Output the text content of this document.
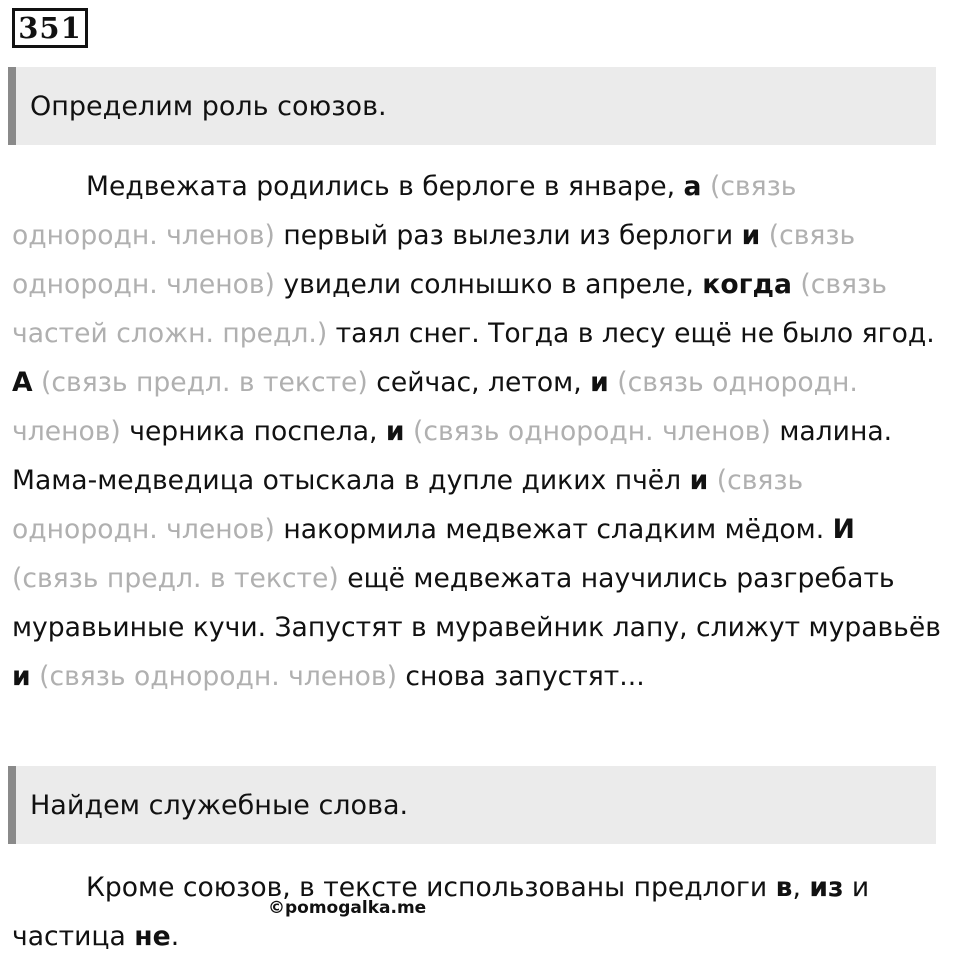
351
Определим роль союзов.

Медвежата родились в берлоге в январе, а (связь однородн. членов) первый раз вылезли из берлоги и (связь однородн. членов) увидели солнышко в апреле, когда (связь частей сложн. предл.) таял снег. Тогда в лесу ещё не было ягод. А (связь предл. в тексте) сейчас, летом, и (связь однородн. членов) черника поспела, и (связь однородн. членов) малина. Мама-медведица отыскала в дупле диких пчёл и (связь однородн. членов) накормила медвежат сладким мёдом. И (связь предл. в тексте) ещё медвежата научились разгребать муравьиные кучи. Запустят в муравейник лапу, слижут муравьёв и (связь однородн. членов) снова запустят...

Найдем служебные слова.

Кроме союзов, в тексте использованы предлоги в, из и частица не.

©pomogalka.me
